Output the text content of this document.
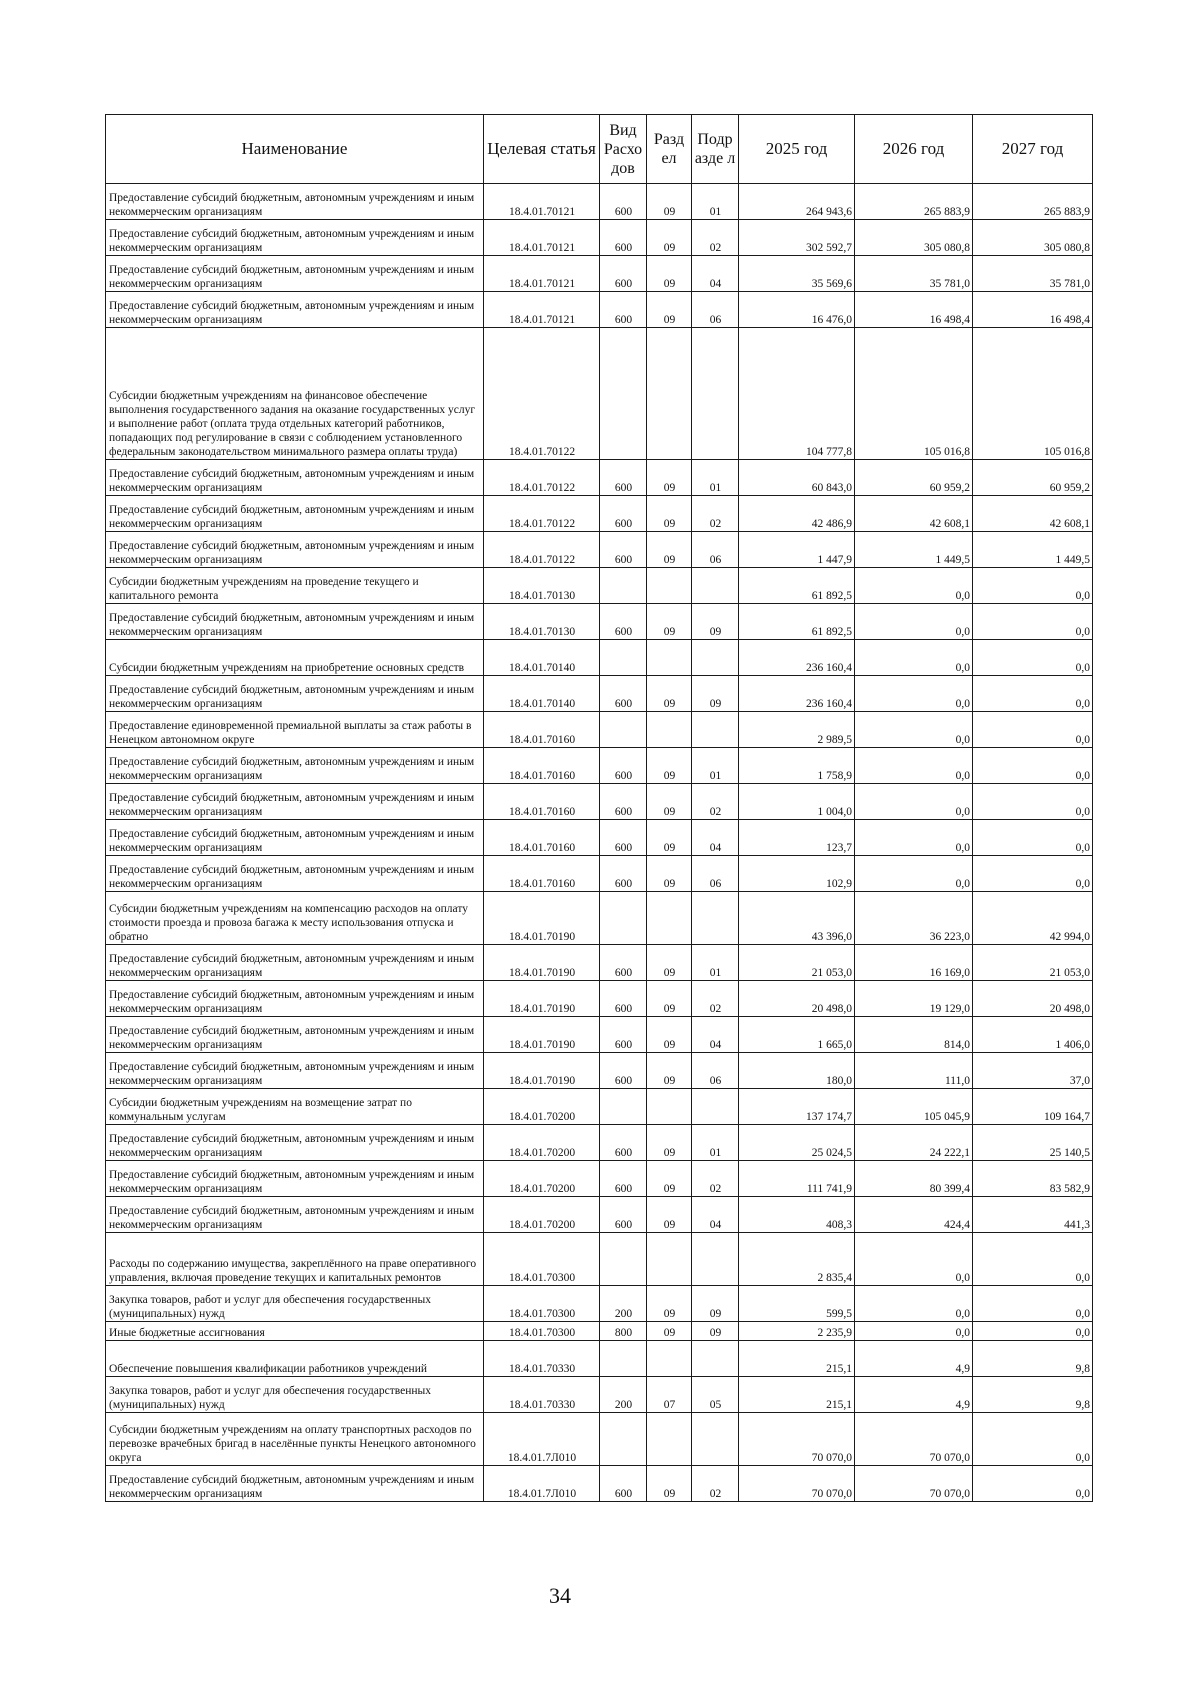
Наименование	Целевая статья	Вид Расхо дов	Разд ел	Подр азде л	2025 год	2026 год	2027 год
Предоставление субсидий бюджетным, автономным учреждениям и иным некоммерческим организациям	18.4.01.70121	600	09	01	264 943,6	265 883,9	265 883,9
Предоставление субсидий бюджетным, автономным учреждениям и иным некоммерческим организациям	18.4.01.70121	600	09	02	302 592,7	305 080,8	305 080,8
Предоставление субсидий бюджетным, автономным учреждениям и иным некоммерческим организациям	18.4.01.70121	600	09	04	35 569,6	35 781,0	35 781,0
Предоставление субсидий бюджетным, автономным учреждениям и иным некоммерческим организациям	18.4.01.70121	600	09	06	16 476,0	16 498,4	16 498,4
Субсидии бюджетным учреждениям на финансовое обеспечение выполнения государственного задания на оказание государственных услуг и выполнение работ (оплата труда отдельных категорий работников, попадающих под регулирование в связи с соблюдением установленного федеральным законодательством минимального размера оплаты труда)	18.4.01.70122				104 777,8	105 016,8	105 016,8
Предоставление субсидий бюджетным, автономным учреждениям и иным некоммерческим организациям	18.4.01.70122	600	09	01	60 843,0	60 959,2	60 959,2
Предоставление субсидий бюджетным, автономным учреждениям и иным некоммерческим организациям	18.4.01.70122	600	09	02	42 486,9	42 608,1	42 608,1
Предоставление субсидий бюджетным, автономным учреждениям и иным некоммерческим организациям	18.4.01.70122	600	09	06	1 447,9	1 449,5	1 449,5
Субсидии бюджетным учреждениям на проведение текущего и капитального ремонта	18.4.01.70130				61 892,5	0,0	0,0
Предоставление субсидий бюджетным, автономным учреждениям и иным некоммерческим организациям	18.4.01.70130	600	09	09	61 892,5	0,0	0,0
Субсидии бюджетным учреждениям на приобретение основных средств	18.4.01.70140				236 160,4	0,0	0,0
Предоставление субсидий бюджетным, автономным учреждениям и иным некоммерческим организациям	18.4.01.70140	600	09	09	236 160,4	0,0	0,0
Предоставление единовременной премиальной выплаты за стаж работы в Ненецком автономном округе	18.4.01.70160				2 989,5	0,0	0,0
Предоставление субсидий бюджетным, автономным учреждениям и иным некоммерческим организациям	18.4.01.70160	600	09	01	1 758,9	0,0	0,0
Предоставление субсидий бюджетным, автономным учреждениям и иным некоммерческим организациям	18.4.01.70160	600	09	02	1 004,0	0,0	0,0
Предоставление субсидий бюджетным, автономным учреждениям и иным некоммерческим организациям	18.4.01.70160	600	09	04	123,7	0,0	0,0
Предоставление субсидий бюджетным, автономным учреждениям и иным некоммерческим организациям	18.4.01.70160	600	09	06	102,9	0,0	0,0
Субсидии бюджетным учреждениям на компенсацию расходов на оплату стоимости проезда и провоза багажа к месту использования отпуска и обратно	18.4.01.70190				43 396,0	36 223,0	42 994,0
Предоставление субсидий бюджетным, автономным учреждениям и иным некоммерческим организациям	18.4.01.70190	600	09	01	21 053,0	16 169,0	21 053,0
Предоставление субсидий бюджетным, автономным учреждениям и иным некоммерческим организациям	18.4.01.70190	600	09	02	20 498,0	19 129,0	20 498,0
Предоставление субсидий бюджетным, автономным учреждениям и иным некоммерческим организациям	18.4.01.70190	600	09	04	1 665,0	814,0	1 406,0
Предоставление субсидий бюджетным, автономным учреждениям и иным некоммерческим организациям	18.4.01.70190	600	09	06	180,0	111,0	37,0
Субсидии бюджетным учреждениям на возмещение затрат по коммунальным услугам	18.4.01.70200				137 174,7	105 045,9	109 164,7
Предоставление субсидий бюджетным, автономным учреждениям и иным некоммерческим организациям	18.4.01.70200	600	09	01	25 024,5	24 222,1	25 140,5
Предоставление субсидий бюджетным, автономным учреждениям и иным некоммерческим организациям	18.4.01.70200	600	09	02	111 741,9	80 399,4	83 582,9
Предоставление субсидий бюджетным, автономным учреждениям и иным некоммерческим организациям	18.4.01.70200	600	09	04	408,3	424,4	441,3
Расходы по содержанию имущества, закреплённого на праве оперативного управления, включая проведение текущих и капитальных ремонтов	18.4.01.70300				2 835,4	0,0	0,0
Закупка товаров, работ и услуг для обеспечения государственных (муниципальных) нужд	18.4.01.70300	200	09	09	599,5	0,0	0,0
Иные бюджетные ассигнования	18.4.01.70300	800	09	09	2 235,9	0,0	0,0
Обеспечение повышения квалификации работников учреждений	18.4.01.70330				215,1	4,9	9,8
Закупка товаров, работ и услуг для обеспечения государственных (муниципальных) нужд	18.4.01.70330	200	07	05	215,1	4,9	9,8
Субсидии бюджетным учреждениям на оплату транспортных расходов по перевозке врачебных бригад в населённые пункты Ненецкого автономного округа	18.4.01.7Л010				70 070,0	70 070,0	0,0
Предоставление субсидий бюджетным, автономным учреждениям и иным некоммерческим организациям	18.4.01.7Л010	600	09	02	70 070,0	70 070,0	0,0
34
